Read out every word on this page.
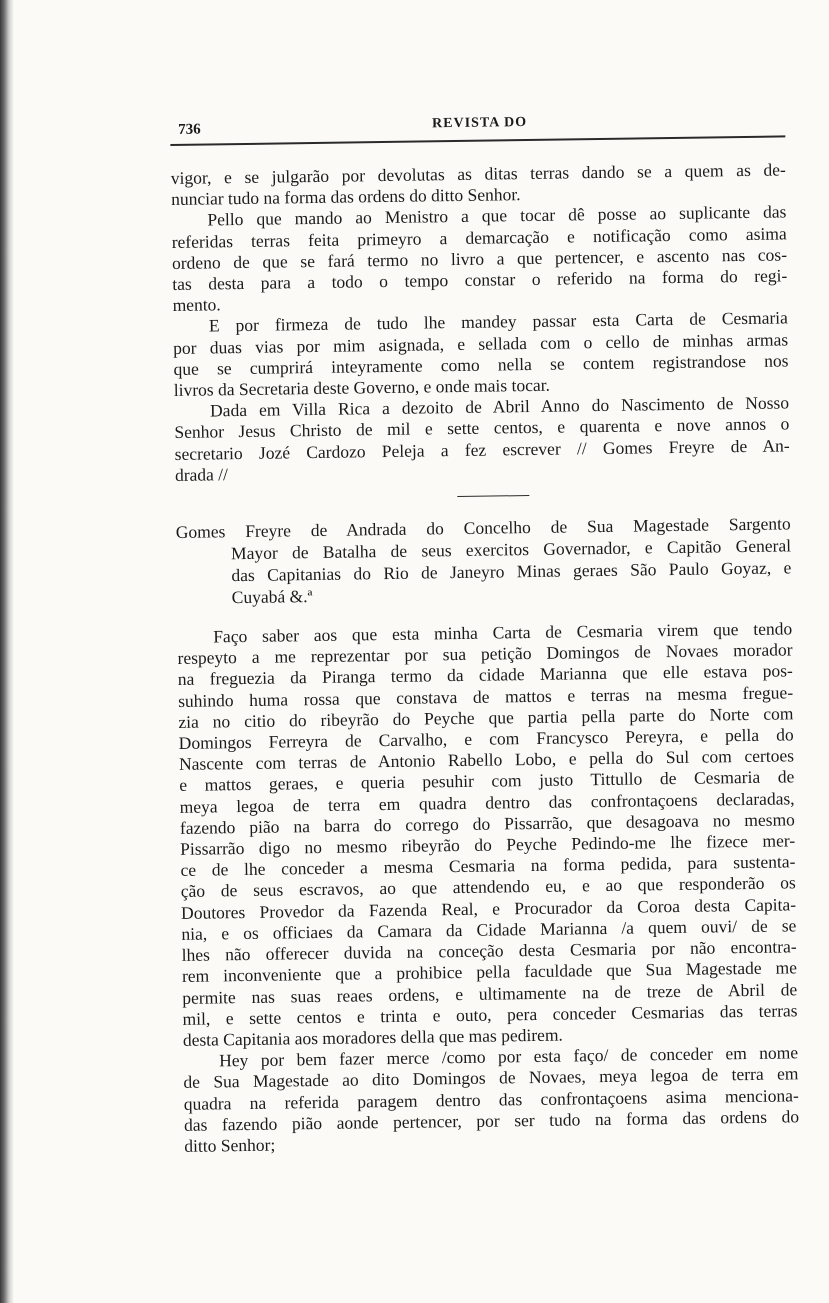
736	REVISTA DO

vigor, e se julgarão por devolutas as ditas terras dando se a quem as de-
nunciar tudo na forma das ordens do ditto Senhor.

Pello que mando ao Menistro a que tocar dê posse ao suplicante das
referidas terras feita primeyro a demarcação e notificação como asima
ordeno de que se fará termo no livro a que pertencer, e ascento nas cos-
tas desta para a todo o tempo constar o referido na forma do regi-
mento.

E por firmeza de tudo lhe mandey passar esta Carta de Cesmaria
por duas vias por mim asignada, e sellada com o cello de minhas armas
que se cumprirá inteyramente como nella se contem registrandose nos
livros da Secretaria deste Governo, e onde mais tocar.

Dada em Villa Rica a dezoito de Abril Anno do Nascimento de Nosso
Senhor Jesus Christo de mil e sette centos, e quarenta e nove annos o
secretario Jozé Cardozo Peleja a fez escrever // Gomes Freyre de An-
drada //

Gomes Freyre de Andrada do Concelho de Sua Magestade Sargento
Mayor de Batalha de seus exercitos Governador, e Capitão General
das Capitanias do Rio de Janeyro Minas geraes São Paulo Goyaz, e
Cuyabá &.ª

Faço saber aos que esta minha Carta de Cesmaria virem que tendo
respeyto a me reprezentar por sua petição Domingos de Novaes morador
na freguezia da Piranga termo da cidade Marianna que elle estava pos-
suhindo huma rossa que constava de mattos e terras na mesma fregue-
zia no citio do ribeyrão do Peyche que partia pella parte do Norte com
Domingos Ferreyra de Carvalho, e com Francysco Pereyra, e pella do
Nascente com terras de Antonio Rabello Lobo, e pella do Sul com certoes
e mattos geraes, e queria pesuhir com justo Tittullo de Cesmaria de
meya legoa de terra em quadra dentro das confrontaçoens declaradas,
fazendo pião na barra do corrego do Pissarrão, que desagoava no mesmo
Pissarrão digo no mesmo ribeyrão do Peyche Pedindo-me lhe fizece mer-
ce de lhe conceder a mesma Cesmaria na forma pedida, para sustenta-
ção de seus escravos, ao que attendendo eu, e ao que responderão os
Doutores Provedor da Fazenda Real, e Procurador da Coroa desta Capita-
nia, e os officiaes da Camara da Cidade Marianna /a quem ouvi/ de se
lhes não offerecer duvida na conceção desta Cesmaria por não encontra-
rem inconveniente que a prohibice pella faculdade que Sua Magestade me
permite nas suas reaes ordens, e ultimamente na de treze de Abril de
mil, e sette centos e trinta e outo, pera conceder Cesmarias das terras
desta Capitania aos moradores della que mas pedirem.

Hey por bem fazer merce /como por esta faço/ de conceder em nome
de Sua Magestade ao dito Domingos de Novaes, meya legoa de terra em
quadra na referida paragem dentro das confrontaçoens asima menciona-
das fazendo pião aonde pertencer, por ser tudo na forma das ordens do
ditto Senhor;
